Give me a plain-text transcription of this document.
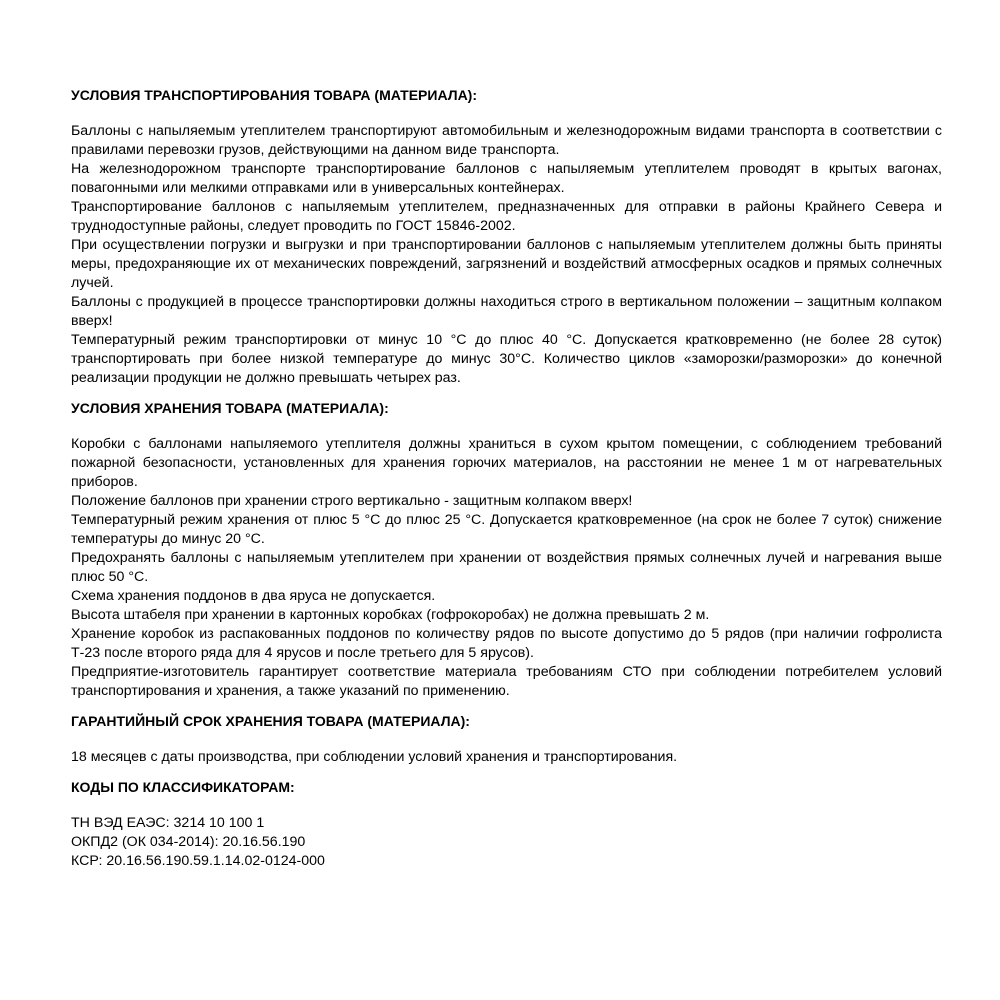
УСЛОВИЯ ТРАНСПОРТИРОВАНИЯ ТОВАРА (МАТЕРИАЛА):

Баллоны с напыляемым утеплителем транспортируют автомобильным и железнодорожным видами транспорта в соответствии с правилами перевозки грузов, действующими на данном виде транспорта.

На железнодорожном транспорте транспортирование баллонов с напыляемым утеплителем проводят в крытых вагонах, повагонными или мелкими отправками или в универсальных контейнерах.

Транспортирование баллонов с напыляемым утеплителем, предназначенных для отправки в районы Крайнего Севера и труднодоступные районы, следует проводить по ГОСТ 15846-2002.

При осуществлении погрузки и выгрузки и при транспортировании баллонов с напыляемым утеплителем должны быть приняты меры, предохраняющие их от механических повреждений, загрязнений и воздействий атмосферных осадков и прямых солнечных лучей.

Баллоны с продукцией в процессе транспортировки должны находиться строго в вертикальном положении – защитным колпаком вверх!

Температурный режим транспортировки от минус 10 °С до плюс 40 °С. Допускается кратковременно (не более 28 суток) транспортировать при более низкой температуре до минус 30°С. Количество циклов «заморозки/разморозки» до конечной реализации продукции не должно превышать четырех раз.

УСЛОВИЯ ХРАНЕНИЯ ТОВАРА (МАТЕРИАЛА):

Коробки с баллонами напыляемого утеплителя должны храниться в сухом крытом помещении, с соблюдением требований пожарной безопасности, установленных для хранения горючих материалов, на расстоянии не менее 1 м от нагревательных приборов.

Положение баллонов при хранении строго вертикально - защитным колпаком вверх!

Температурный режим хранения от плюс 5 °С до плюс 25 °С. Допускается кратковременное (на срок не более 7 суток) снижение температуры до минус 20 °С.

Предохранять баллоны с напыляемым утеплителем при хранении от воздействия прямых солнечных лучей и нагревания выше плюс 50 °С.

Схема хранения поддонов в два яруса не допускается.

Высота штабеля при хранении в картонных коробках (гофрокоробах) не должна превышать 2 м.

Хранение коробок из распакованных поддонов по количеству рядов по высоте допустимо до 5 рядов (при наличии гофролиста Т-23 после второго ряда для 4 ярусов и после третьего для 5 ярусов).

Предприятие-изготовитель гарантирует соответствие материала требованиям СТО при соблюдении потребителем условий транспортирования и хранения, а также указаний по применению.

ГАРАНТИЙНЫЙ СРОК ХРАНЕНИЯ ТОВАРА (МАТЕРИАЛА):

18 месяцев с даты производства, при соблюдении условий хранения и транспортирования.

КОДЫ ПО КЛАССИФИКАТОРАМ:

ТН ВЭД ЕАЭС: 3214 10 100 1

ОКПД2 (ОК 034-2014): 20.16.56.190

КСР: 20.16.56.190.59.1.14.02-0124-000
